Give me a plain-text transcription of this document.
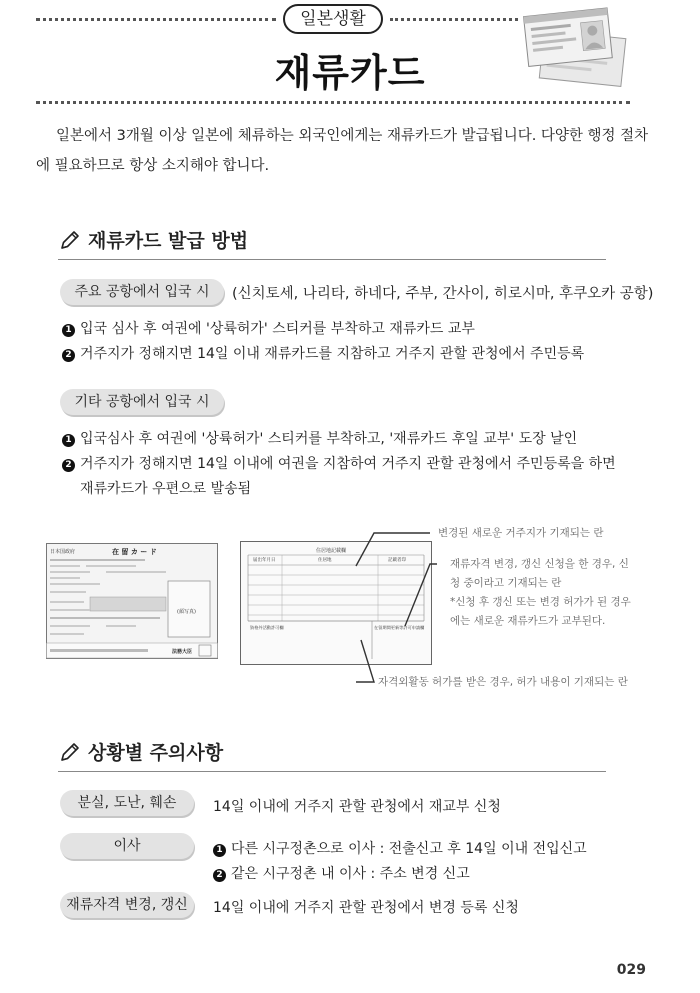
일본생활
재류카드

일본에서 3개월 이상 일본에 체류하는 외국인에게는 재류카드가 발급됩니다. 다양한 행정 절차에 필요하므로 항상 소지해야 합니다.

재류카드 발급 방법
주요 공항에서 입국 시	(신치토세, 나리타, 하네다, 주부, 간사이, 히로시마, 후쿠오카 공항)
1 입국 심사 후 여권에 '상륙허가' 스티커를 부착하고 재류카드 교부
2 거주지가 정해지면 14일 이내 재류카드를 지참하고 거주지 관할 관청에서 주민등록
기타 공항에서 입국 시
1 입국심사 후 여권에 '상륙허가' 스티커를 부착하고, '재류카드 후일 교부' 도장 날인
2 거주지가 정해지면 14일 이내에 여권을 지참하여 거주지 관할 관청에서 주민등록을 하면
재류카드가 우편으로 발송됨
日本国政府	在 留 カ ー ド
(顔写真)
法務大臣
住居地記載欄
届出年月日	住居地	記載者印
資格外活動許可欄	在留期間更新等許可申請欄
변경된 새로운 거주지가 기재되는 란
재류자격 변경, 갱신 신청을 한 경우, 신
청 중이라고 기재되는 란
*신청 후 갱신 또는 변경 허가가 된 경우
에는 새로운 재류카드가 교부된다.
자격외활동 허가를 받은 경우, 허가 내용이 기재되는 란
상황별 주의사항
분실, 도난, 훼손	14일 이내에 거주지 관할 관청에서 재교부 신청
이사	1 다른 시구정촌으로 이사 : 전출신고 후 14일 이내 전입신고
2 같은 시구정촌 내 이사 : 주소 변경 신고
재류자격 변경, 갱신	14일 이내에 거주지 관할 관청에서 변경 등록 신청
029
